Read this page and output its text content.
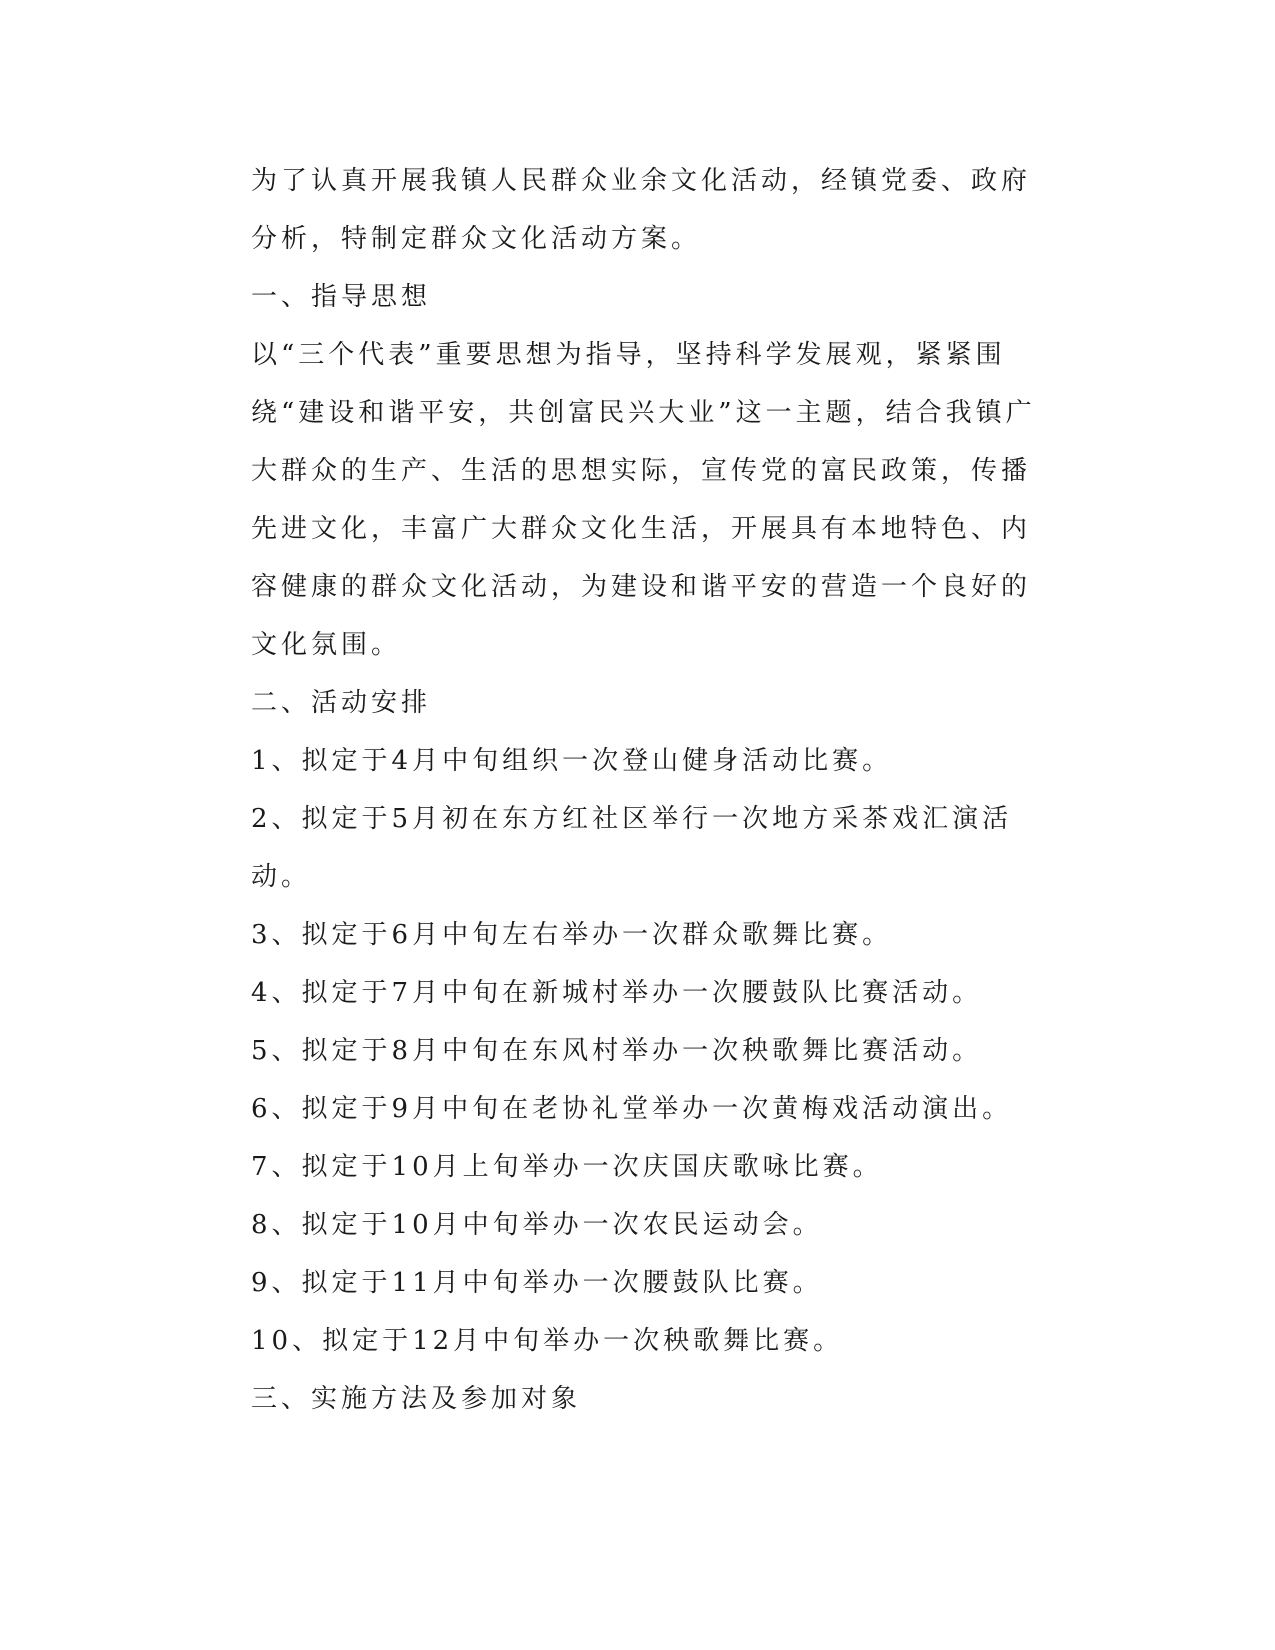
为了认真开展我镇人民群众业余文化活动，经镇党委、政府分析，特制定群众文化活动方案。

一、指导思想

以“三个代表”重要思想为指导，坚持科学发展观，紧紧围绕“建设和谐平安，共创富民兴大业”这一主题，结合我镇广大群众的生产、生活的思想实际，宣传党的富民政策，传播先进文化，丰富广大群众文化生活，开展具有本地特色、内容健康的群众文化活动，为建设和谐平安的营造一个良好的文化氛围。

二、活动安排

1、拟定于4月中旬组织一次登山健身活动比赛。

2、拟定于5月初在东方红社区举行一次地方采茶戏汇演活动。

3、拟定于6月中旬左右举办一次群众歌舞比赛。

4、拟定于7月中旬在新城村举办一次腰鼓队比赛活动。

5、拟定于8月中旬在东风村举办一次秧歌舞比赛活动。

6、拟定于9月中旬在老协礼堂举办一次黄梅戏活动演出。

7、拟定于10月上旬举办一次庆国庆歌咏比赛。

8、拟定于10月中旬举办一次农民运动会。

9、拟定于11月中旬举办一次腰鼓队比赛。

10、拟定于12月中旬举办一次秧歌舞比赛。

三、实施方法及参加对象
